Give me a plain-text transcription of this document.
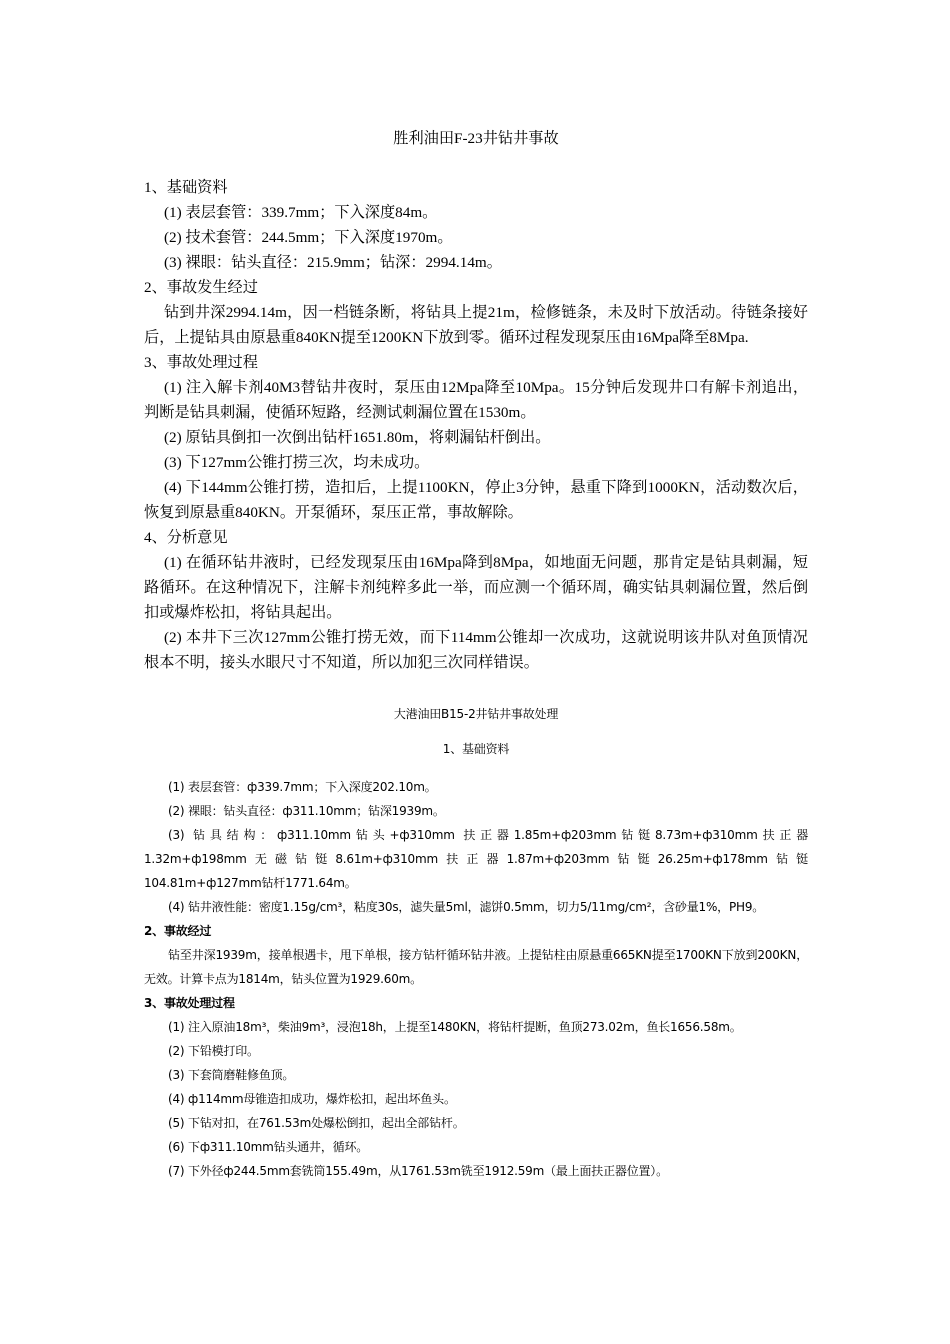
胜利油田F-23井钻井事故

1、基础资料

(1) 表层套管：339.7mm；下入深度84m。

(2) 技术套管：244.5mm；下入深度1970m。

(3) 裸眼：钻头直径：215.9mm；钻深：2994.14m。

2、事故发生经过

钻到井深2994.14m，因一档链条断，将钻具上提21m，检修链条，未及时下放活动。待链条接好后，上提钻具由原悬重840KN提至1200KN下放到零。循环过程发现泵压由16Mpa降至8Mpa.

3、事故处理过程

(1) 注入解卡剂40M3替钻井夜时，泵压由12Mpa降至10Mpa。15分钟后发现井口有解卡剂追出，判断是钻具刺漏，使循环短路，经测试刺漏位置在1530m。

(2) 原钻具倒扣一次倒出钻杆1651.80m，将刺漏钻杆倒出。

(3) 下127mm公锥打捞三次，均未成功。

(4) 下144mm公锥打捞，造扣后，上提1100KN，停止3分钟，悬重下降到1000KN，活动数次后，恢复到原悬重840KN。开泵循环，泵压正常，事故解除。

4、分析意见

(1) 在循环钻井液时，已经发现泵压由16Mpa降到8Mpa，如地面无问题，那肯定是钻具刺漏，短路循环。在这种情况下，注解卡剂纯粹多此一举，而应测一个循环周，确实钻具刺漏位置，然后倒扣或爆炸松扣，将钻具起出。

(2) 本井下三次127mm公锥打捞无效，而下114mm公锥却一次成功，这就说明该井队对鱼顶情况根本不明，接头水眼尺寸不知道，所以加犯三次同样错误。

大港油田B15-2井钻井事故处理

1、基础资料

(1) 表层套管：ф339.7mm；下入深度202.10m。

(2) 裸眼：钻头直径：ф311.10mm；钻深1939m。

(3) 钻具结构：ф311.10mm钻头+ф310mm 扶正器1.85m+ф203mm钻铤8.73m+ф310mm扶正器1.32m+ф198mm无磁钻铤8.61m+ф310mm扶正器1.87m+ф203mm钻铤26.25m+ф178mm钻铤104.81m+ф127mm钻杆1771.64m。

(4) 钻井液性能：密度1.15g/cm³，粘度30s，滤失量5ml，滤饼0.5mm，切力5/11mg/cm²，含砂量1%，PH9。

2、事故经过

钻至井深1939m，接单根遇卡，甩下单根，接方钻杆循环钻井液。上提钻柱由原悬重665KN提至1700KN下放到200KN，无效。计算卡点为1814m，钻头位置为1929.60m。

3、事故处理过程

(1) 注入原油18m³，柴油9m³，浸泡18h，上提至1480KN，将钻杆提断，鱼顶273.02m，鱼长1656.58m。

(2) 下铅模打印。

(3) 下套筒磨鞋修鱼顶。

(4) ф114mm母锥造扣成功，爆炸松扣，起出坏鱼头。

(5) 下钻对扣，在761.53m处爆松倒扣，起出全部钻杆。

(6) 下ф311.10mm钻头通井，循环。

(7) 下外径ф244.5mm套铣筒155.49m，从1761.53m铣至1912.59m（最上面扶正器位置）。
